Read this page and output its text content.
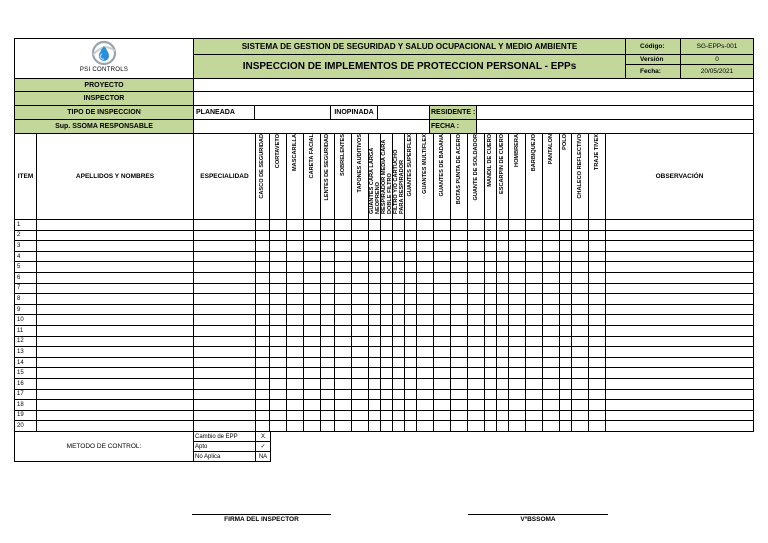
PSI CONTROLS	SISTEMA DE GESTION DE SEGURIDAD Y SALUD OCUPACIONAL Y MEDIO AMBIENTE	Código:	SG-EPPs-001
	INSPECCION DE IMPLEMENTOS DE PROTECCION PERSONAL - EPPs	Versión	0
		Fecha:	20/05/2021
PROYECTO						
INSPECTOR						
TIPO DE INSPECCION	PLANEADA		INOPINADA		RESIDENTE :	
Sup. SSOMA RESPONSABLE					FECHA :	
ITEM	APELLIDOS Y NOMBRES	ESPECIALIDAD	CASCO DE SEGURIDAD	CORTAVETO	MASCARILLA	CARETA FACIAL	LENTES DE SEGURIDAD	SOBRELENTES	TAPONES AUDITIVOS	GUANTES CARA LARGA NEOPRENO	RESPIRADOR MEDIA CARA DOBLE FILTRO	FILTRO Y/O CARTUCHO PARA RESPIRADOR	GUANTES SUPERFLEX	GUANTES MULTIFLEX	GUANTES DE BADANA	BOTAS PUNTA DE ACERO	GUANTE DE SOLDADOR	MANDIL DE CUERO	ESCARPIN DE CUERO	HOMBRERA	BARBIQUEJO	PANTALON	POLO	CHALECO REFLECTIVO	TRAJE TIVEX	OBSERVACIÓN
1																										
2																										
3																										
4																										
5																										
6																										
7																										
8																										
9																										
10																										
11																										
12																										
13																										
14																										
15																										
16																										
17																										
18																										
19																										
20																										
METODO DE CONTROL:	Cambio de EPP	X
	Apto	✓
	No Aplica	NA
FIRMA DEL INSPECTOR	VºBSSOMA
